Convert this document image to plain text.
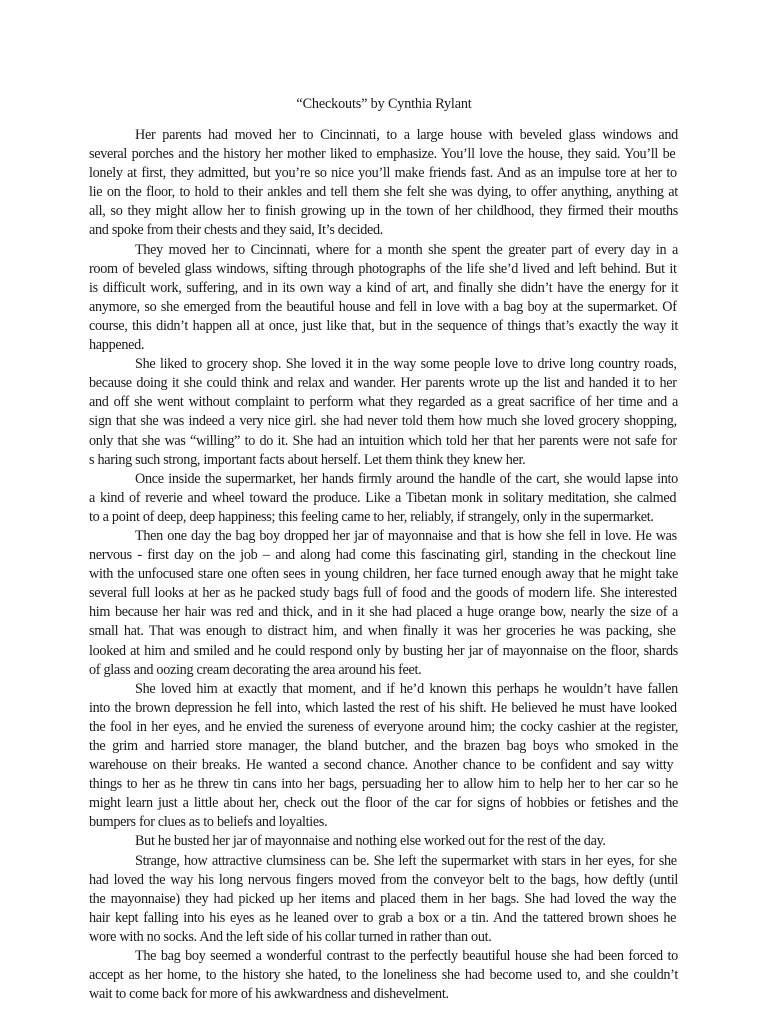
“Checkouts” by Cynthia Rylant
Her parents had moved her to Cincinnati, to a large house with beveled glass windows and
several porches and the history her mother liked to emphasize. You’ll love the house, they said. You’ll be
lonely at first, they admitted, but you’re so nice you’ll make friends fast. And as an impulse tore at her to
lie on the floor, to hold to their ankles and tell them she felt she was dying, to offer anything, anything at
all, so they might allow her to finish growing up in the town of her childhood, they firmed their mouths
and spoke from their chests and they said, It’s decided.
They moved her to Cincinnati, where for a month she spent the greater part of every day in a
room of beveled glass windows, sifting through photographs of the life she’d lived and left behind. But it
is difficult work, suffering, and in its own way a kind of art, and finally she didn’t have the energy for it
anymore, so she emerged from the beautiful house and fell in love with a bag boy at the supermarket. Of
course, this didn’t happen all at once, just like that, but in the sequence of things that’s exactly the way it
happened.
She liked to grocery shop. She loved it in the way some people love to drive long country roads,
because doing it she could think and relax and wander. Her parents wrote up the list and handed it to her
and off she went without complaint to perform what they regarded as a great sacrifice of her time and a
sign that she was indeed a very nice girl. she had never told them how much she loved grocery shopping,
only that she was “willing” to do it. She had an intuition which told her that her parents were not safe for
s haring such strong, important facts about herself. Let them think they knew her.
Once inside the supermarket, her hands firmly around the handle of the cart, she would lapse into
a kind of reverie and wheel toward the produce. Like a Tibetan monk in solitary meditation, she calmed
to a point of deep, deep happiness; this feeling came to her, reliably, if strangely, only in the supermarket.
Then one day the bag boy dropped her jar of mayonnaise and that is how she fell in love. He was
nervous - first day on the job – and along had come this fascinating girl, standing in the checkout line
with the unfocused stare one often sees in young children, her face turned enough away that he might take
several full looks at her as he packed study bags full of food and the goods of modern life. She interested
him because her hair was red and thick, and in it she had placed a huge orange bow, nearly the size of a
small hat. That was enough to distract him, and when finally it was her groceries he was packing, she
looked at him and smiled and he could respond only by busting her jar of mayonnaise on the floor, shards
of glass and oozing cream decorating the area around his feet.
She loved him at exactly that moment, and if he’d known this perhaps he wouldn’t have fallen
into the brown depression he fell into, which lasted the rest of his shift. He believed he must have looked
the fool in her eyes, and he envied the sureness of everyone around him; the cocky cashier at the register,
the grim and harried store manager, the bland butcher, and the brazen bag boys who smoked in the
warehouse on their breaks. He wanted a second chance. Another chance to be confident and say witty
things to her as he threw tin cans into her bags, persuading her to allow him to help her to her car so he
might learn just a little about her, check out the floor of the car for signs of hobbies or fetishes and the
bumpers for clues as to beliefs and loyalties.
But he busted her jar of mayonnaise and nothing else worked out for the rest of the day.
Strange, how attractive clumsiness can be. She left the supermarket with stars in her eyes, for she
had loved the way his long nervous fingers moved from the conveyor belt to the bags, how deftly (until
the mayonnaise) they had picked up her items and placed them in her bags. She had loved the way the
hair kept falling into his eyes as he leaned over to grab a box or a tin. And the tattered brown shoes he
wore with no socks. And the left side of his collar turned in rather than out.
The bag boy seemed a wonderful contrast to the perfectly beautiful house she had been forced to
accept as her home, to the history she hated, to the loneliness she had become used to, and she couldn’t
wait to come back for more of his awkwardness and dishevelment.
